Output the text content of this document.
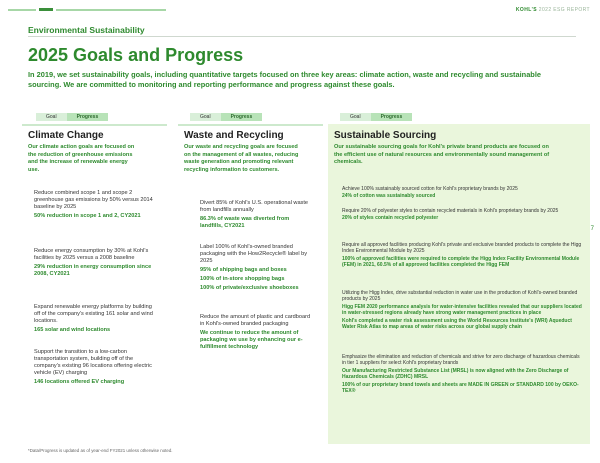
KOHL'S 2022 ESG REPORT
Environmental Sustainability
2025 Goals and Progress
In 2019, we set sustainability goals, including quantitative targets focused on three key areas: climate action, waste and recycling and sustainable sourcing. We are committed to monitoring and reporting performance and progress against these goals.
Goal	Progress	Goal	Progress	Goal	Progress
Climate Change
Our climate action goals are focused on the reduction of greenhouse emissions and the increase of renewable energy use.
Reduce combined scope 1 and scope 2 greenhouse gas emissions by 50% versus 2014 baseline by 2025
50% reduction in scope 1 and 2, CY2021
Reduce energy consumption by 30% at Kohl's facilities by 2025 versus a 2008 baseline
29% reduction in energy consumption since 2008, CY2021
Expand renewable energy platforms by building off of the company's existing 161 solar and wind locations.
165 solar and wind locations
Support the transition to a low-carbon transportation system, building off of the company's existing 96 locations offering electric vehicle (EV) charging
146 locations offered EV charging
Waste and Recycling
Our waste and recycling goals are focused on the management of all wastes, reducing waste generation and promoting relevant recycling information to customers.
Divert 85% of Kohl's U.S. operational waste from landfills annually
86.3% of waste was diverted from landfills, CY2021
Label 100% of Kohl's-owned branded packaging with the How2Recycle® label by 2025
95% of shipping bags and boxes
100% of in-store shopping bags
100% of private/exclusive shoeboxes
Reduce the amount of plastic and cardboard in Kohl's-owned branded packaging
We continue to reduce the amount of packaging we use by enhancing our e-fulfillment technology
Sustainable Sourcing
Our sustainable sourcing goals for Kohl's private brand products are focused on the efficient use of natural resources and environmentally sound management of chemicals.
Achieve 100% sustainably sourced cotton for Kohl's proprietary brands by 2025
24% of cotton was sustainably sourced
Require 20% of polyester styles to contain recycled materials in Kohl's proprietary brands by 2025
20% of styles contain recycled polyester
Require all approved facilities producing Kohl's private and exclusive branded products to complete the Higg Index Environmental Module by 2025
100% of approved facilities were required to complete the Higg Index Facility Environmental Module (FEM) in 2021, 60.5% of all approved facilities completed the Higg FEM
Utilizing the Higg Index, drive substantial reduction in water use in the production of Kohl's-owned branded products by 2025
Higg FEM 2020 performance analysis for water-intensive facilities revealed that our suppliers located in water-stressed regions already have strong water management practices in place
Kohl's completed a water risk assessment using the World Resources Institute's (WRI) Aqueduct Water Risk Atlas to map areas of water risks across our global supply chain
Emphasize the elimination and reduction of chemicals and strive for zero discharge of hazardous chemicals in tier 1 suppliers for select Kohl's proprietary brands
Our Manufacturing Restricted Substance List (MRSL) is now aligned with the Zero Discharge of Hazardous Chemicals (ZDHC) MRSL
100% of our proprietary brand towels and sheets are MADE IN GREEN or STANDARD 100 by OEKO-TEX®
7
*Data/Progress is updated as of year-end FY2021 unless otherwise noted.
